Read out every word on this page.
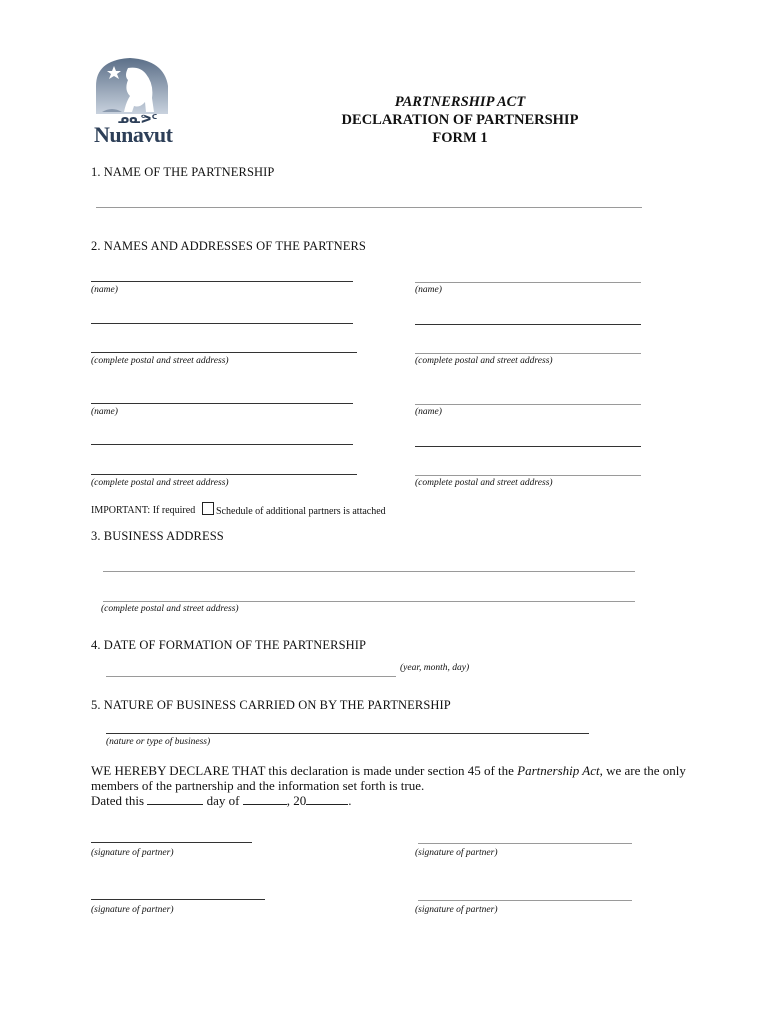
ᓄᓇᕗᑦ
Nunavut
PARTNERSHIP ACT
DECLARATION OF PARTNERSHIP
FORM 1
1. NAME OF THE PARTNERSHIP
2. NAMES AND ADDRESSES OF THE PARTNERS
(name)
(complete postal and street address)
(name)
(complete postal and street address)
(name)
(complete postal and street address)
(name)
(complete postal and street address)
IMPORTANT: If required Schedule of additional partners is attached
3. BUSINESS ADDRESS
(complete postal and street address)
4. DATE OF FORMATION OF THE PARTNERSHIP
(year, month, day)
5. NATURE OF BUSINESS CARRIED ON BY THE PARTNERSHIP
(nature or type of business)
WE HEREBY DECLARE THAT this declaration is made under section 45 of the Partnership Act, we are the only members of the partnership and the information set forth is true.
Dated this	day of	, 20	.
(signature of partner)	(signature of partner)
(signature of partner)	(signature of partner)
